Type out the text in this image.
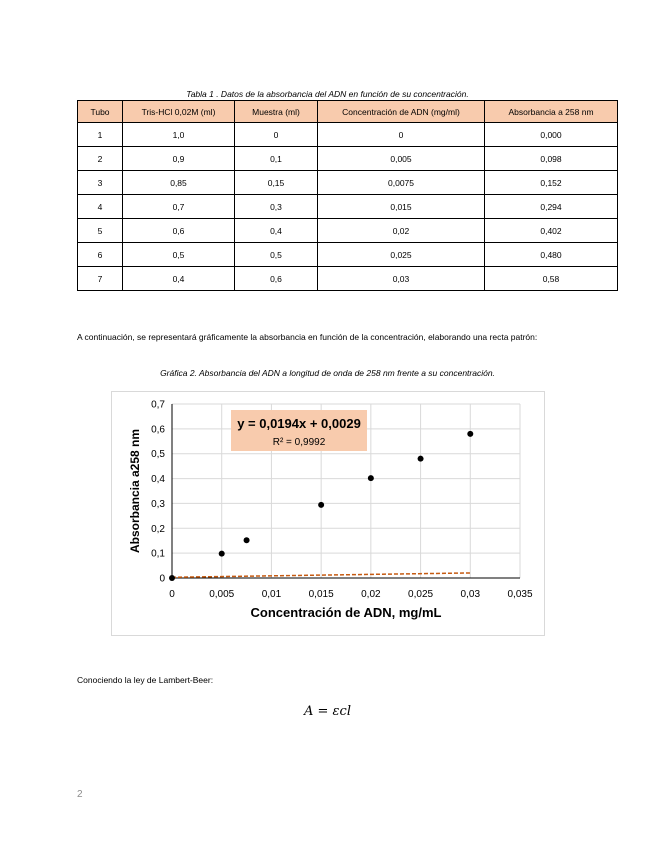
Tabla 1 . Datos de la absorbancia del ADN en función de su concentración.
Tubo	Tris-HCl 0,02M (ml)	Muestra (ml)	Concentración de ADN (mg/ml)	Absorbancia a 258 nm
1	1,0	0	0	0,000
2	0,9	0,1	0,005	0,098
3	0,85	0,15	0,0075	0,152
4	0,7	0,3	0,015	0,294
5	0,6	0,4	0,02	0,402
6	0,5	0,5	0,025	0,480
7	0,4	0,6	0,03	0,58
A continuación, se representará gráficamente la absorbancia en función de la concentración, elaborando una recta patrón:
Gráfica 2. Absorbancia del ADN a longitud de onda de 258 nm frente a su concentración.
0
0,1
0,2
0,3
0,4
0,5
0,6
0,7
0	0,005	0,01	0,015	0,02	0,025	0,03	0,035
y = 0,0194x + 0,0029
R² = 0,9992
Concentración de ADN, mg/mL
Absorbancia a258 nm
Conociendo la ley de Lambert-Beer:
A = εcl
2
